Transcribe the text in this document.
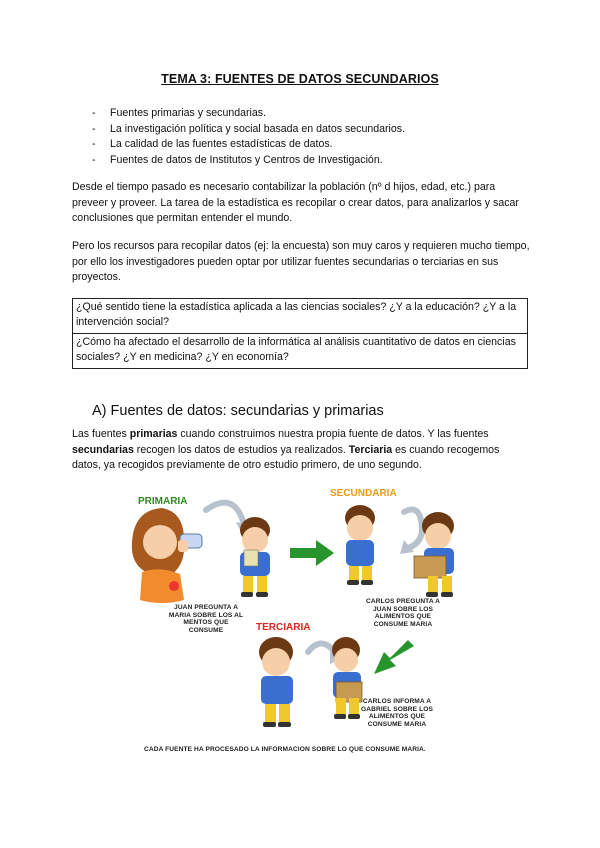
TEMA 3: FUENTES DE DATOS SECUNDARIOS
- Fuentes primarias y secundarias.
- La investigación política y social basada en datos secundarios.
- La calidad de las fuentes estadísticas de datos.
- Fuentes de datos de Institutos y Centros de Investigación.

Desde el tiempo pasado es necesario contabilizar la población (nº d hijos, edad, etc.) para preveer y proveer. La tarea de la estadística es recopilar o crear datos, para analizarlos y sacar conclusiones que permitan entender el mundo.

Pero los recursos para recopilar datos (ej: la encuesta) son muy caros y requieren mucho tiempo, por ello los investigadores pueden optar por utilizar fuentes secundarias o terciarias en sus proyectos.

¿Qué sentido tiene la estadística aplicada a las ciencias sociales? ¿Y a la educación? ¿Y a la intervención social?
¿Cómo ha afectado el desarrollo de la informática al análisis cuantitativo de datos en ciencias sociales? ¿Y en medicina? ¿Y en economía?
A) Fuentes de datos: secundarias y primarias

Las fuentes primarias cuando construimos nuestra propia fuente de datos. Y las fuentes secundarias recogen los datos de estudios ya realizados. Terciaria es cuando recogemos datos, ya recogidos previamente de otro estudio primero, de uno segundo.

PRIMARIA
SECUNDARIA
TERCIARIA
JUAN PREGUNTA A MARIA SOBRE LOS AL MENTOS QUE CONSUME
CARLOS PREGUNTA A JUAN SOBRE LOS ALIMENTOS QUE CONSUME MARIA
CARLOS INFORMA A GABRIEL SOBRE LOS ALIMENTOS QUE CONSUME MARIA
CADA FUENTE HA PROCESADO LA INFORMACION SOBRE LO QUE CONSUME MARIA.
